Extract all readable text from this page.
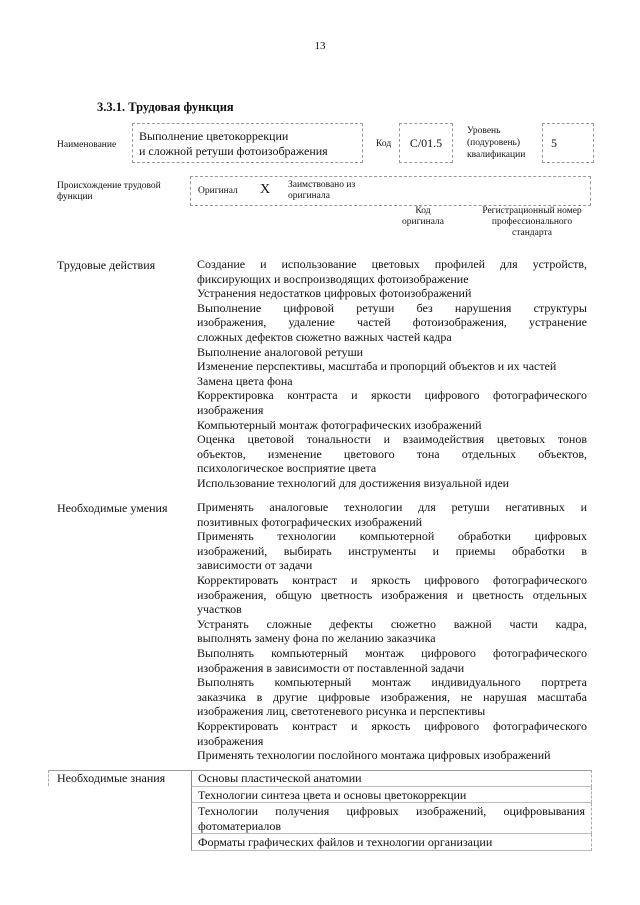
13
3.3.1. Трудовая функция
Наименование
Выполнение цветокоррекции
и сложной ретуши фотоизображения	Код	С/01.5
Уровень
(подуровень)
квалификации
5
Происхождение трудовой
функции
Оригинал X Заимствовано из
оригинала
Код
оригинала
Регистрационный номер
профессионального
стандарта
Трудовые действия	Создание и использование цветовых профилей для устройств,
фиксирующих и воспроизводящих фотоизображение
Устранения недостатков цифровых фотоизображений
Выполнение цифровой ретуши без нарушения структуры
изображения, удаление частей фотоизображения, устранение
сложных дефектов сюжетно важных частей кадра
Выполнение аналоговой ретуши
Изменение перспективы, масштаба и пропорций объектов и их частей
Замена цвета фона
Корректировка контраста и яркости цифрового фотографического
изображения
Компьютерный монтаж фотографических изображений
Оценка цветовой тональности и взаимодействия цветовых тонов
объектов, изменение цветового тона отдельных объектов,
психологическое восприятие цвета
Использование технологий для достижения визуальной идеи
Необходимые умения Применять аналоговые технологии для ретуши негативных и
позитивных фотографических изображений
Применять технологии компьютерной обработки цифровых
изображений, выбирать инструменты и приемы обработки в
зависимости от задачи
Корректировать контраст и яркость цифрового фотографического
изображения, общую цветность изображения и цветность отдельных
участков
Устранять сложные дефекты сюжетно важной части кадра,
выполнять замену фона по желанию заказчика
Выполнять компьютерный монтаж цифрового фотографического
изображения в зависимости от поставленной задачи
Выполнять компьютерный монтаж индивидуального портрета
заказчика в другие цифровые изображения, не нарушая масштаба
изображения лиц, светотеневого рисунка и перспективы
Корректировать контраст и яркость цифрового фотографического
изображения
Применять технологии послойного монтажа цифровых изображений
Необходимые знания	Основы пластической анатомии
Технологии синтеза цвета и основы цветокоррекции
Технологии получения цифровых изображений, оцифровывания
фотоматериалов
Форматы графических файлов и технологии организации
